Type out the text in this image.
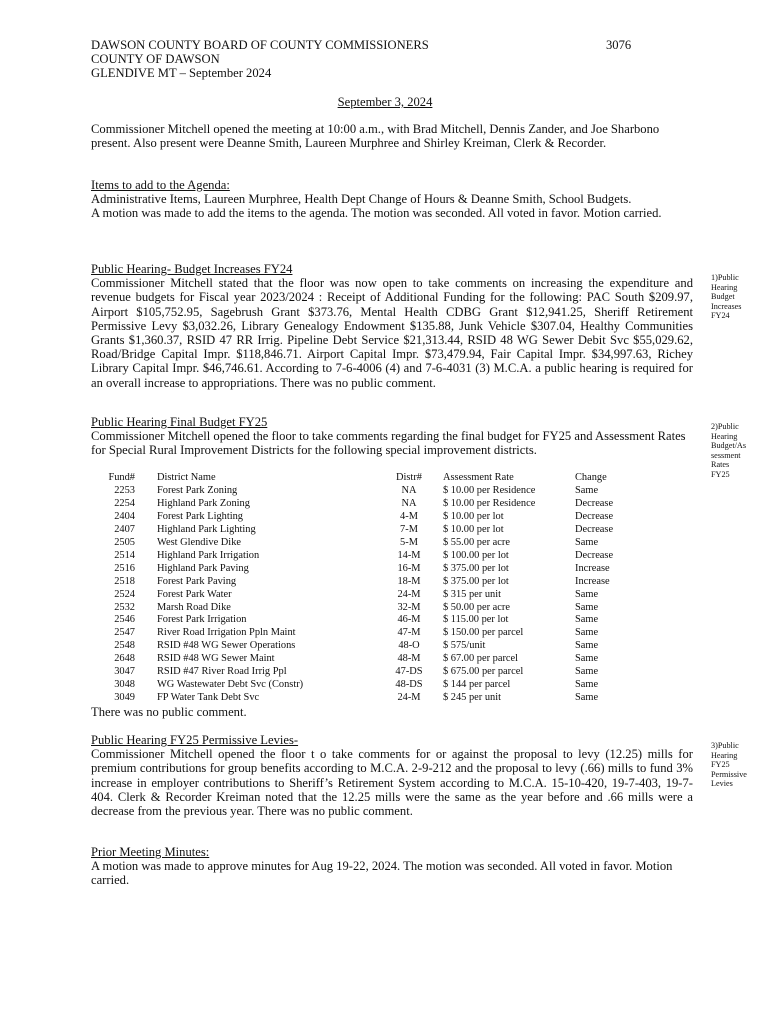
DAWSON COUNTY BOARD OF COUNTY COMMISSIONERS
COUNTY OF DAWSON
GLENDIVE MT – September 2024
3076
September 3, 2024

Commissioner Mitchell opened the meeting at 10:00 a.m., with Brad Mitchell, Dennis Zander, and Joe Sharbono present. Also present were Deanne Smith, Laureen Murphree and Shirley Kreiman, Clerk & Recorder.

Items to add to the Agenda:

Administrative Items, Laureen Murphree, Health Dept Change of Hours & Deanne Smith, School Budgets.

A motion was made to add the items to the agenda. The motion was seconded. All voted in favor. Motion carried.

Public Hearing- Budget Increases FY24

Commissioner Mitchell stated that the floor was now open to take comments on increasing the expenditure and revenue budgets for Fiscal year 2023/2024 : Receipt of Additional Funding for the following: PAC South $209.97, Airport $105,752.95, Sagebrush Grant $373.76, Mental Health CDBG Grant $12,941.25, Sheriff Retirement Permissive Levy $3,032.26, Library Genealogy Endowment $135.88, Junk Vehicle $307.04, Healthy Communities Grants $1,360.37, RSID 47 RR Irrig. Pipeline Debt Service $21,313.44, RSID 48 WG Sewer Debit Svc $55,029.62, Road/Bridge Capital Impr. $118,846.71. Airport Capital Impr. $73,479.94, Fair Capital Impr. $34,997.63, Richey Library Capital Impr. $46,746.61. According to 7-6-4006 (4) and 7-6-4031 (3) M.C.A. a public hearing is required for an overall increase to appropriations. There was no public comment.

1)Public
Hearing
Budget
Increases
FY24
Public Hearing Final Budget FY25

Commissioner Mitchell opened the floor to take comments regarding the final budget for FY25 and Assessment Rates for Special Rural Improvement Districts for the following special improvement districts.

2)Public
Hearing
Budget/As
sessment
Rates
FY25
Fund#	District Name	Distr#	Assessment Rate	Change
2253	Forest Park Zoning	NA	$ 10.00 per Residence	Same
2254	Highland Park Zoning	NA	$ 10.00 per Residence	Decrease
2404	Forest Park Lighting	4-M	$ 10.00 per lot	Decrease
2407	Highland Park Lighting	7-M	$ 10.00 per lot	Decrease
2505	West Glendive Dike	5-M	$ 55.00 per acre	Same
2514	Highland Park Irrigation	14-M	$ 100.00 per lot	Decrease
2516	Highland Park Paving	16-M	$ 375.00 per lot	Increase
2518	Forest Park Paving	18-M	$ 375.00 per lot	Increase
2524	Forest Park Water	24-M	$ 315 per unit	Same
2532	Marsh Road Dike	32-M	$ 50.00 per acre	Same
2546	Forest Park Irrigation	46-M	$ 115.00 per lot	Same
2547	River Road Irrigation Ppln Maint	47-M	$ 150.00 per parcel	Same
2548	RSID #48 WG Sewer Operations	48-O	$ 575/unit	Same
2648	RSID #48 WG Sewer Maint	48-M	$ 67.00 per parcel	Same
3047	RSID #47 River Road Irrig Ppl	47-DS	$ 675.00 per parcel	Same
3048	WG Wastewater Debt Svc (Constr)	48-DS	$ 144 per parcel	Same
3049	FP Water Tank Debt Svc	24-M	$ 245 per unit	Same

There was no public comment.

Public Hearing FY25 Permissive Levies-

Commissioner Mitchell opened the floor t o take comments for or against the proposal to levy (12.25) mills for premium contributions for group benefits according to M.C.A. 2-9-212 and the proposal to levy (.66) mills to fund 3% increase in employer contributions to Sheriff’s Retirement System according to M.C.A. 15-10-420, 19-7-403, 19-7-404. Clerk & Recorder Kreiman noted that the 12.25 mills were the same as the year before and .66 mills were a decrease from the previous year. There was no public comment.

3)Public
Hearing
FY25
Permissive
Levies
Prior Meeting Minutes:

A motion was made to approve minutes for Aug 19-22, 2024. The motion was seconded. All voted in favor. Motion carried.
